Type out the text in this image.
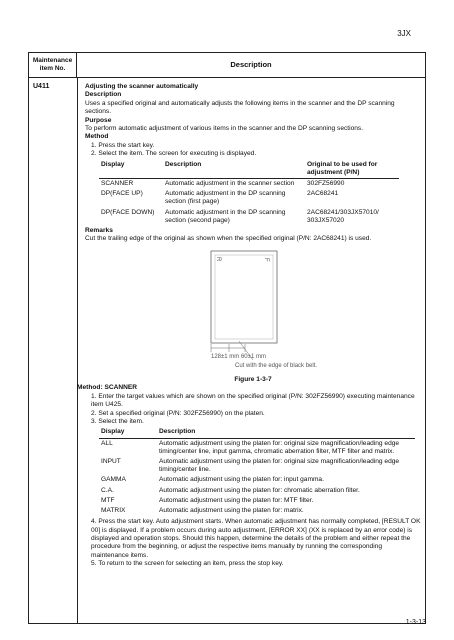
3JX
Maintenance
item No.	Description
U411	Adjusting the scanner automatically

Description

Uses a specified original and automatically adjusts the following items in the scanner and the DP scanning sections.

Purpose

To perform automatic adjustment of various items in the scanner and the DP scanning sections.

Method

1. Press the start key.

2. Select the item. The screen for executing is displayed.

Display	Description	Original to be used for adjustment (P/N)
SCANNER	Automatic adjustment in the scanner section	302FZ56990
DP(FACE UP)	Automatic adjustment in the DP scanning section (first page)	2AC68241
DP(FACE DOWN)	Automatic adjustment in the DP scanning section (second page)	2AC68241/303JX57010/ 303JX57020

Remarks

Cut the trailing edge of the original as shown when the specified original (P/N: 2AC68241) is used.

R	F
128±1 mm 60±1 mm
Cut with the edge of black belt.

Figure 1-3-7

Method: SCANNER

1. Enter the target values which are shown on the specified original (P/N: 302FZ56990) executing maintenance item U425.

2. Set a specified original (P/N: 302FZ56990) on the platen.

3. Select the item.

Display	Description
ALL	Automatic adjustment using the platen for: original size magnification/leading edge timing/center line, input gamma, chromatic aberration filter, MTF filter and matrix.
INPUT	Automatic adjustment using the platen for: original size magnification/leading edge timing/center line.
GAMMA	Automatic adjustment using the platen for: input gamma.
C.A.	Automatic adjustment using the platen for: chromatic aberration filter.
MTF	Automatic adjustment using the platen for: MTF filter.
MATRIX	Automatic adjustment using the platen for: matrix.

4. Press the start key. Auto adjustment starts. When automatic adjustment has normally completed, [RESULT OK 00] is displayed. If a problem occurs during auto adjustment, [ERROR XX] (XX is replaced by an error code) is displayed and operation stops. Should this happen, determine the details of the problem and either repeat the procedure from the beginning, or adjust the respective items manually by running the corresponding maintenance items.

5. To return to the screen for selecting an item, press the stop key.

1-3-13
